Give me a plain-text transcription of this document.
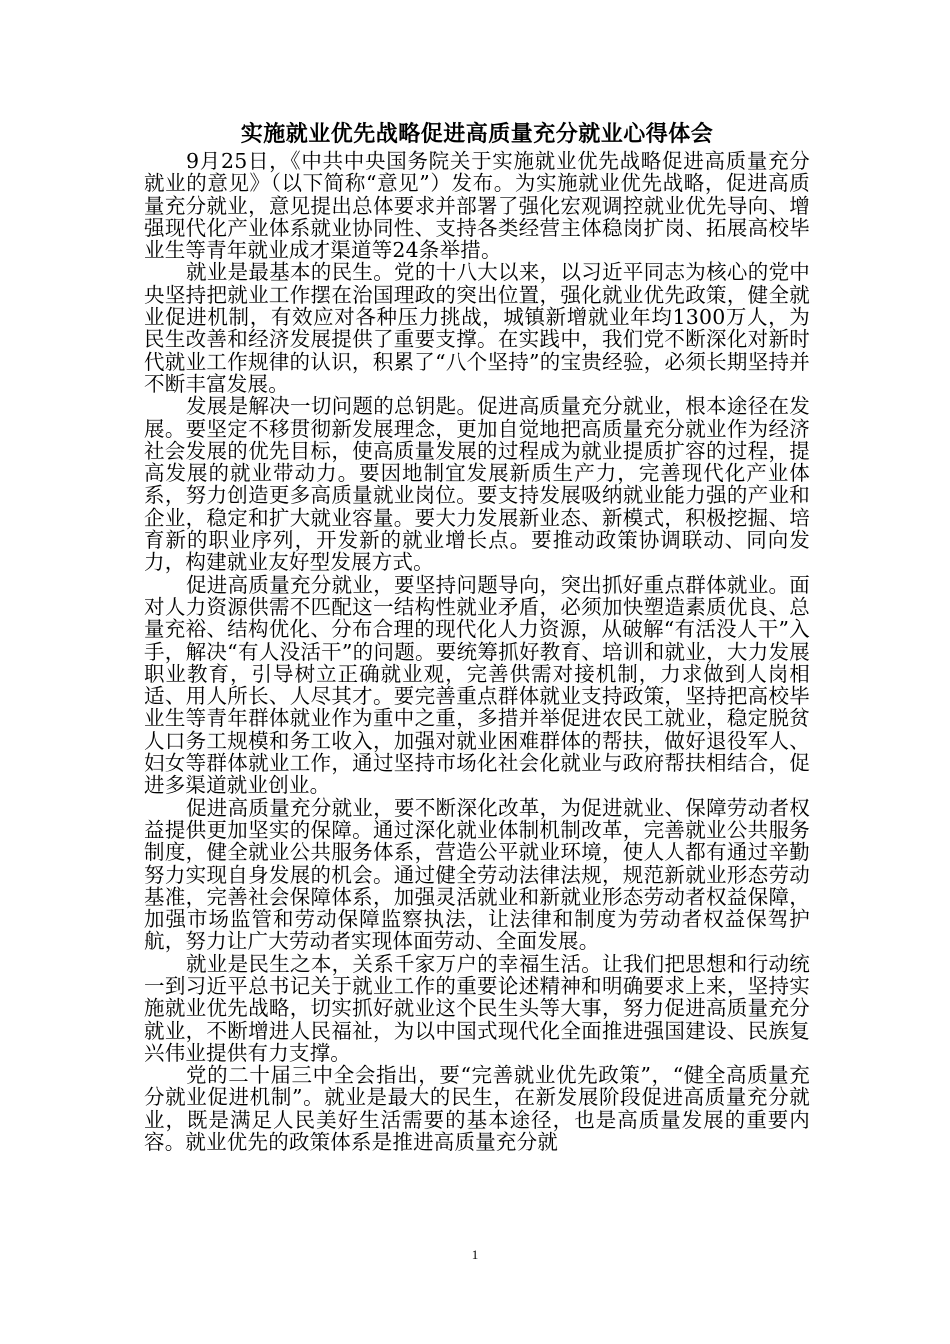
实施就业优先战略促进高质量充分就业心得体会

9月25日，《中共中央国务院关于实施就业优先战略促进高质量充分就业的意见》（以下简称“意见”）发布。为实施就业优先战略，促进高质量充分就业，意见提出总体要求并部署了强化宏观调控就业优先导向、增强现代化产业体系就业协同性、支持各类经营主体稳岗扩岗、拓展高校毕业生等青年就业成才渠道等24条举措。

就业是最基本的民生。党的十八大以来，以习近平同志为核心的党中央坚持把就业工作摆在治国理政的突出位置，强化就业优先政策，健全就业促进机制，有效应对各种压力挑战，城镇新增就业年均1300万人，为民生改善和经济发展提供了重要支撑。在实践中，我们党不断深化对新时代就业工作规律的认识，积累了“八个坚持”的宝贵经验，必须长期坚持并不断丰富发展。

发展是解决一切问题的总钥匙。促进高质量充分就业，根本途径在发展。要坚定不移贯彻新发展理念，更加自觉地把高质量充分就业作为经济社会发展的优先目标，使高质量发展的过程成为就业提质扩容的过程，提高发展的就业带动力。要因地制宜发展新质生产力，完善现代化产业体系，努力创造更多高质量就业岗位。要支持发展吸纳就业能力强的产业和企业，稳定和扩大就业容量。要大力发展新业态、新模式，积极挖掘、培育新的职业序列，开发新的就业增长点。要推动政策协调联动、同向发力，构建就业友好型发展方式。

促进高质量充分就业，要坚持问题导向，突出抓好重点群体就业。面对人力资源供需不匹配这一结构性就业矛盾，必须加快塑造素质优良、总量充裕、结构优化、分布合理的现代化人力资源，从破解“有活没人干”入手，解决“有人没活干”的问题。要统筹抓好教育、培训和就业，大力发展职业教育，引导树立正确就业观，完善供需对接机制，力求做到人岗相适、用人所长、人尽其才。要完善重点群体就业支持政策，坚持把高校毕业生等青年群体就业作为重中之重，多措并举促进农民工就业，稳定脱贫人口务工规模和务工收入，加强对就业困难群体的帮扶，做好退役军人、妇女等群体就业工作，通过坚持市场化社会化就业与政府帮扶相结合，促进多渠道就业创业。

促进高质量充分就业，要不断深化改革，为促进就业、保障劳动者权益提供更加坚实的保障。通过深化就业体制机制改革，完善就业公共服务制度，健全就业公共服务体系，营造公平就业环境，使人人都有通过辛勤努力实现自身发展的机会。通过健全劳动法律法规，规范新就业形态劳动基准，完善社会保障体系，加强灵活就业和新就业形态劳动者权益保障，加强市场监管和劳动保障监察执法，让法律和制度为劳动者权益保驾护航，努力让广大劳动者实现体面劳动、全面发展。

就业是民生之本，关系千家万户的幸福生活。让我们把思想和行动统一到习近平总书记关于就业工作的重要论述精神和明确要求上来，坚持实施就业优先战略，切实抓好就业这个民生头等大事，努力促进高质量充分就业，不断增进人民福祉，为以中国式现代化全面推进强国建设、民族复兴伟业提供有力支撑。

党的二十届三中全会指出，要“完善就业优先政策”，“健全高质量充分就业促进机制”。就业是最大的民生，在新发展阶段促进高质量充分就业，既是满足人民美好生活需要的基本途径，也是高质量发展的重要内容。就业优先的政策体系是推进高质量充分就

1
